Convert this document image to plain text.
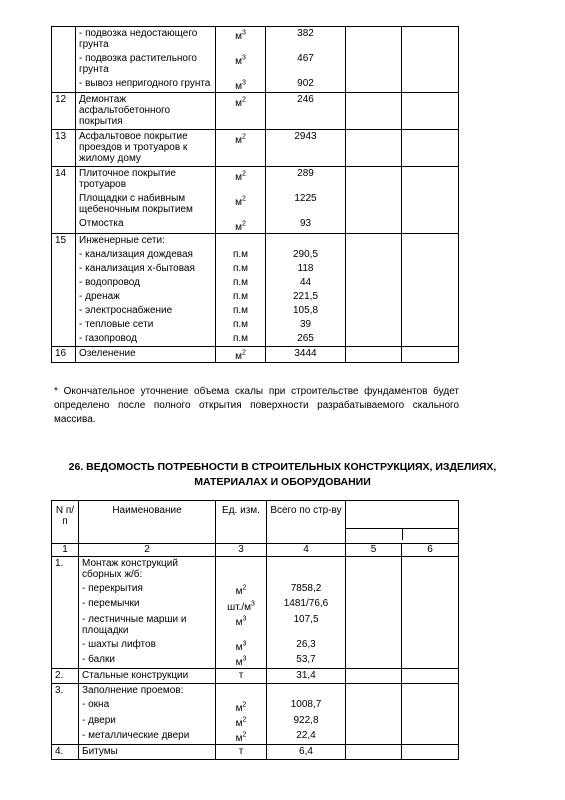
	- подвозка недостающего грунта	$м^3$	382		
	- подвозка растительного грунта	$м^3$	467		
	- вывоз непригодного грунта	$м^3$	902		
12	Демонтаж асфальтобетонного покрытия	$м^2$	246		
13	Асфальтовое покрытие проездов и тротуаров к жилому дому	$м^2$	2943		
14	Плиточное покрытие тротуаров	$м^2$	289		
	Площадки с набивным щебеночным покрытием	$м^2$	1225		
	Отмостка	$м^2$	93		
15	Инженерные сети:				
	- канализация дождевая	п.м	290,5		
	- канализация х-бытовая	п.м	118		
	- водопровод	п.м	44		
	- дренаж	п.м	221,5		
	- электроснабжение	п.м	105,8		
	- тепловые сети	п.м	39		
	- газопровод	п.м	265		
16	Озеленение	$м^2$	3444		
* Окончательное уточнение объема скалы при строительстве фундаментов будет определено после полного открытия поверхности разрабатываемого скального массива.
26. ВЕДОМОСТЬ ПОТРЕБНОСТИ В СТРОИТЕЛЬНЫХ КОНСТРУКЦИЯХ, ИЗДЕЛИЯХ,
МАТЕРИАЛАХ И ОБОРУДОВАНИИ
N п/п	Наименование	Ед. изм.	Всего по стр-ву		

1	2	3	4	5	6
1.	Монтаж конструкций сборных ж/б:				
	- перекрытия	$м^2$	7858,2		
	- перемычки	$шт./м^3$	1481/76,6		
	- лестничные марши и площадки	$м^3$	107,5		
	- шахты лифтов	$м^3$	26,3		
	- балки	$м^3$	53,7		
2.	Стальные конструкции	т	31,4		
3.	Заполнение проемов:				
	- окна	$м^2$	1008,7		
	- двери	$м^2$	922,8		
	- металлические двери	$м^2$	22,4		
4.	Битумы	т	6,4		
